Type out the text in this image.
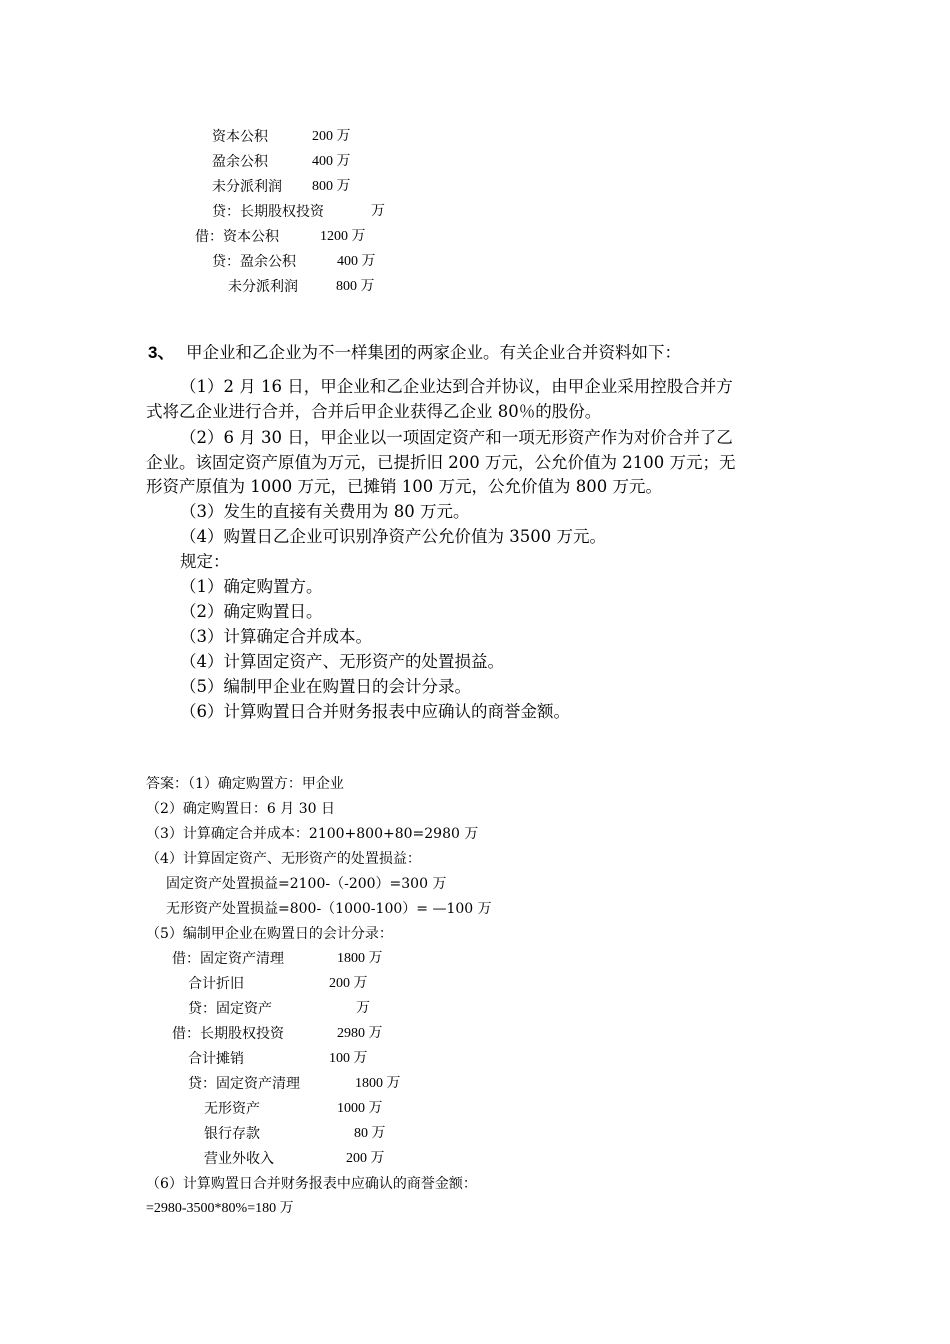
资本公积	200 万
盈余公积	400 万
未分派利润 800 万
贷：长期股权投资	万
借：资本公积	1200 万
贷：盈余公积	400 万
未分派利润	800 万
3、 甲企业和乙企业为不一样集团的两家企业。有关企业合并资料如下：
（1）2 月 16 日，甲企业和乙企业达到合并协议，由甲企业采用控股合并方
式将乙企业进行合并，合并后甲企业获得乙企业 80％的股份。
（2）6 月 30 日，甲企业以一项固定资产和一项无形资产作为对价合并了乙
企业。该固定资产原值为万元，已提折旧 200 万元，公允价值为 2100 万元；无
形资产原值为 1000 万元，已摊销 100 万元，公允价值为 800 万元。
（3）发生的直接有关费用为 80 万元。
（4）购置日乙企业可识别净资产公允价值为 3500 万元。
规定：
（1）确定购置方。
（2）确定购置日。
（3）计算确定合并成本。
（4）计算固定资产、无形资产的处置损益。
（5）编制甲企业在购置日的会计分录。
（6）计算购置日合并财务报表中应确认的商誉金额。
答案：（1）确定购置方：甲企业
（2）确定购置日：6 月 30 日
（3）计算确定合并成本：2100+800+80=2980 万
（4）计算固定资产、无形资产的处置损益：
固定资产处置损益=2100-（-200）=300 万
无形资产处置损益=800-（1000-100）= —100 万
（5）编制甲企业在购置日的会计分录：
借：固定资产清理	1800 万
合计折旧	200 万
贷：固定资产	万
借：长期股权投资	2980 万
合计摊销	100 万
贷：固定资产清理	1800 万
无形资产	1000 万
银行存款	80 万
营业外收入	200 万
（6）计算购置日合并财务报表中应确认的商誉金额：
=2980-3500*80%=180 万
